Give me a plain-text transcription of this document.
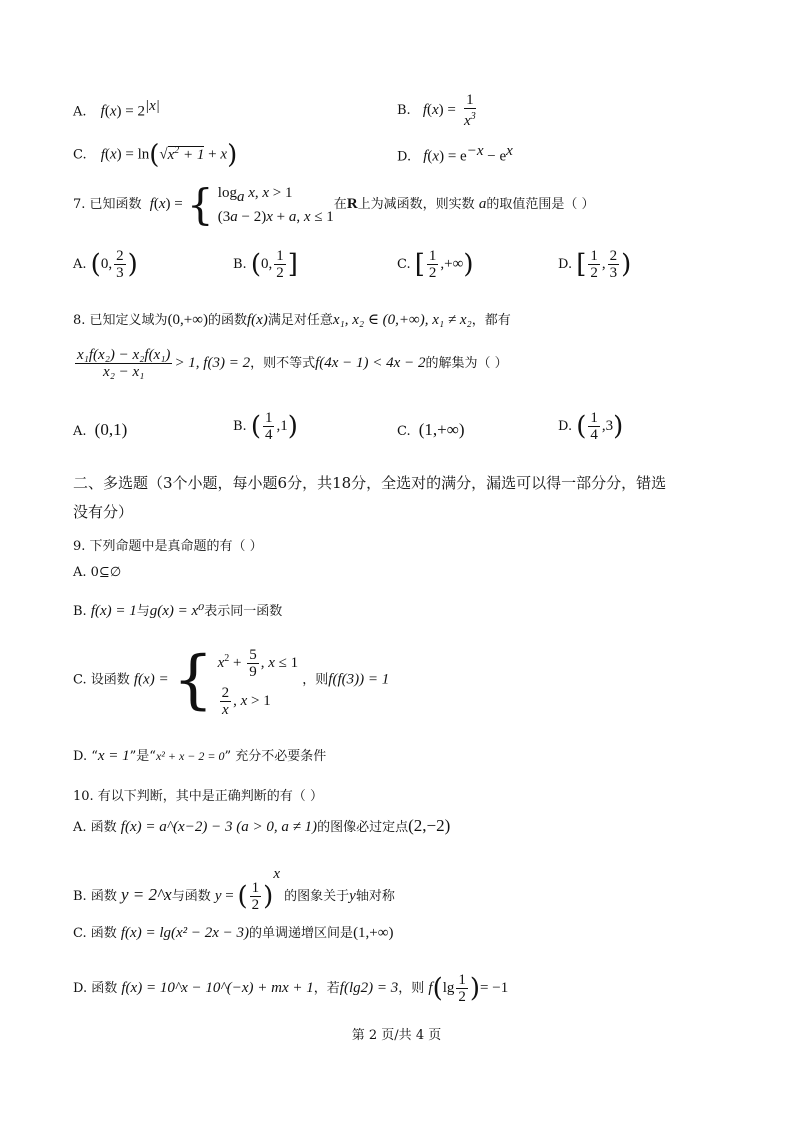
A. $f(x) = 2^{|x|}$	B. $f(x) = \frac{1}{x^3}$
C. $f(x) = \ln(√x^2 + 1 + x)$	D. $f(x) = e^{-x} - e^x$
7. 已知函数 f(x) = { $\log_a x$, x > 1
(3a − 2)x + a, x ≤ 1
在R上为减函数，则实数 a的取值范围是（ ）
A. (0, $\frac{2}{3}$ )	B. (0, $\frac{1}{2}$ ]	C. [ $\frac{1}{2}$ ,+∞)	D. [ $\frac{1}{2}$ , $\frac{2}{3}$ )
8. 已知定义域为(0,+∞)的函数f(x)满足对任意x₁, x₂ ∈ (0,+∞), x₁ ≠ x₂，都有
$\frac{\text{x₁f(x₂) − x₂f(x₁)}}{\text{x₂ − x₁}} > 1$, f(3) = 2，则不等式f(4x − 1) < 4x − 2的解集为（ ）
A. (0,1)	B. ( $\frac{1}{4} ,1$)	C. (1,+∞)	D. ( $\frac{1}{4} ,3$)
二、多选题（3个小题，每小题6分，共18分，全选对的满分，漏选可以得一部分分，错选
没有分）
9. 下列命题中是真命题的有（ ）
A. 0⊆∅
B. f(x) = 1与g(x) = x⁰表示同一函数
C. 设函数 f(x) = { $x^2 + \frac{5}{9}$ , x ≤ 1
$\frac{2}{x}$ , x > 1
，则f(f(3)) = 1
D. “x = 1”是“x² + x − 2 = 0” 充分不必要条件
10. 有以下判断，其中是正确判断的有（ ）
A. 函数 f(x) = a^(x−2) − 3 (a > 0, a ≠ 1)的图像必过定点(2,−2)
B. 函数 y = 2^x与函数 y = ( $\frac{1}{2} )^x$ 的图象关于y轴对称
C. 函数 f(x) = lg(x² − 2x − 3)的单调递增区间是(1,+∞)
D. 函数 f(x) = 10^x − 10^(−x) + mx + 1，若f(lg2) = 3，则 $f(\lg \frac{1}{2}$ )= −1
第 2 页/共 4 页
